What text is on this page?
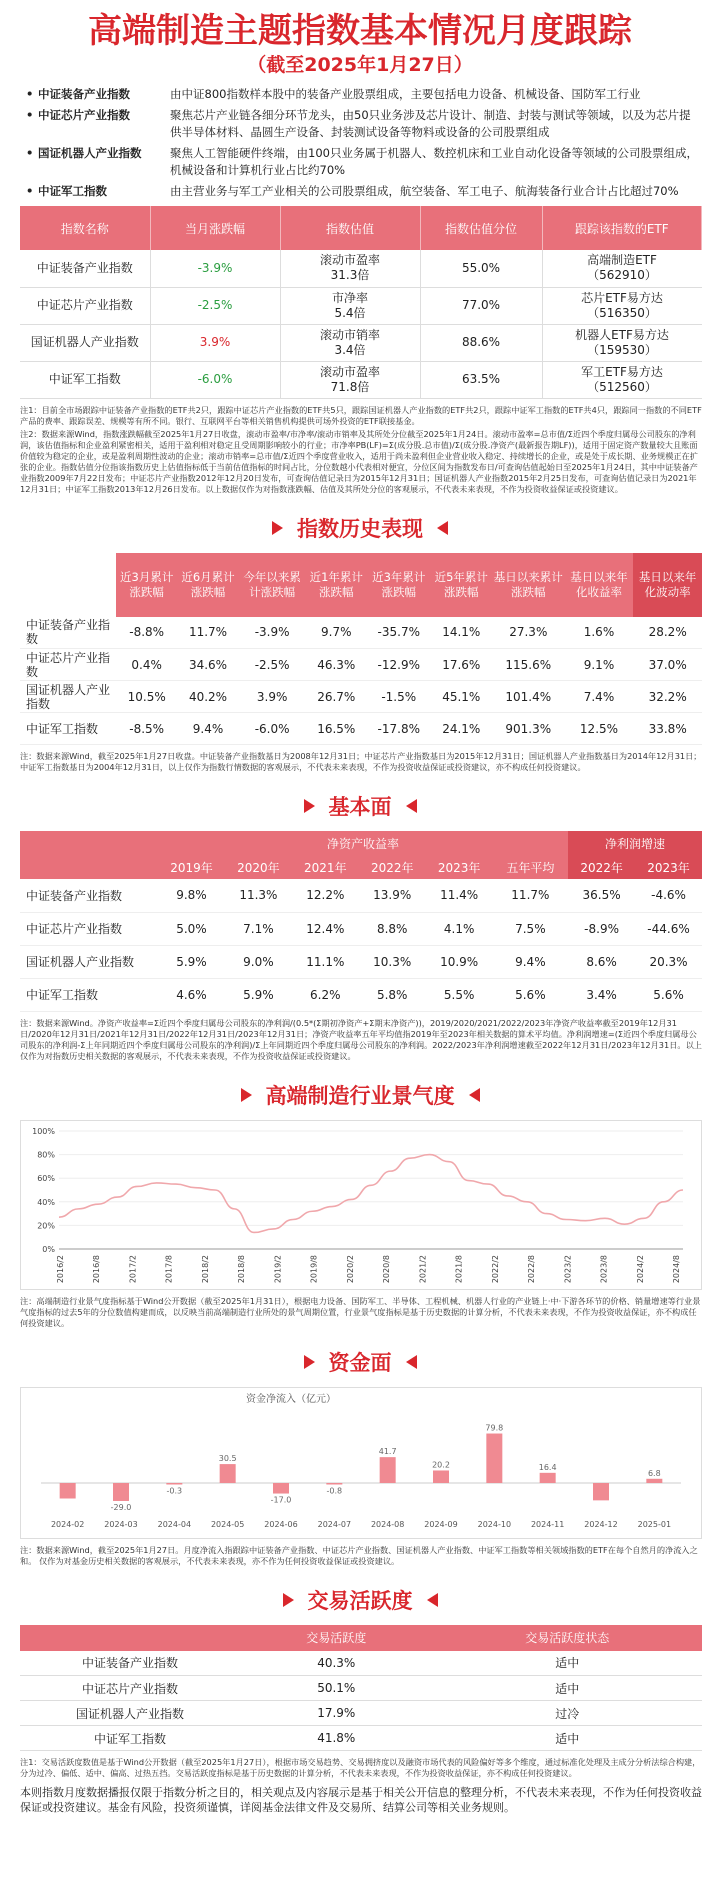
高端制造主题指数基本情况月度跟踪
（截至2025年1月27日）
• 中证装备产业指数	由中证800指数样本股中的装备产业股票组成，主要包括电力设备、机械设备、国防军工行业
• 中证芯片产业指数	聚焦芯片产业链各细分环节龙头，由50只业务涉及芯片设计、制造、封装与测试等领域，以及为芯片提供半导体材料、晶圆生产设备、封装测试设备等物料或设备的公司股票组成
• 国证机器人产业指数	聚焦人工智能硬件终端，由100只业务属于机器人、数控机床和工业自动化设备等领域的公司股票组成，机械设备和计算机行业占比约70%
• 中证军工指数	由主营业务与军工产业相关的公司股票组成，航空装备、军工电子、航海装备行业合计占比超过70%
指数名称	当月涨跌幅	指数估值	指数估值分位	跟踪该指数的ETF
中证装备产业指数	-3.9%	滚动市盈率
31.3倍	55.0%	高端制造ETF
（562910）
中证芯片产业指数	-2.5%	市净率
5.4倍	77.0%	芯片ETF易方达
（516350）
国证机器人产业指数	3.9%	滚动市销率
3.4倍	88.6%	机器人ETF易方达
（159530）
中证军工指数	-6.0%	滚动市盈率
71.8倍	63.5%	军工ETF易方达
（512560）
注1：目前全市场跟踪中证装备产业指数的ETF共2只，跟踪中证芯片产业指数的ETF共5只，跟踪国证机器人产业指数的ETF共2只，跟踪中证军工指数的ETF共4只，跟踪同一指数的不同ETF产品的费率、跟踪误差、规模等有所不同。银行、互联网平台等相关销售机构提供可场外投资的ETF联接基金。
注2：数据来源Wind，指数涨跌幅截至2025年1月27日收盘，滚动市盈率/市净率/滚动市销率及其所处分位截至2025年1月24日。滚动市盈率=总市值/Σ近四个季度归属母公司股东的净利润，该估值指标和企业盈利紧密相关，适用于盈利相对稳定且受周期影响较小的行业；市净率PB(LF)=Σ(成分股.总市值)/Σ(成分股.净资产(最新报告期LF))，适用于固定资产数量较大且账面价值较为稳定的企业，或是盈利周期性波动的企业；滚动市销率=总市值/Σ近四个季度营业收入，适用于尚未盈利但企业营业收入稳定、持续增长的企业，或是处于成长期、业务规模正在扩张的企业。指数估值分位指该指数历史上估值指标低于当前估值指标的时间占比，分位数越小代表相对便宜，分位区间为指数发布日/可查询估值起始日至2025年1月24日，其中中证装备产业指数2009年7月22日发布；中证芯片产业指数2012年12月20日发布，可查询估值记录日为2015年12月31日；国证机器人产业指数2015年2月25日发布，可查询估值记录日为2021年12月31日；中证军工指数2013年12月26日发布。以上数据仅作为对指数涨跌幅、估值及其所处分位的客观展示，不代表未来表现，不作为投资收益保证或投资建议。
指数历史表现
	近3月累计涨跌幅	近6月累计涨跌幅	今年以来累计涨跌幅	近1年累计涨跌幅	近3年累计涨跌幅	近5年累计涨跌幅	基日以来累计涨跌幅	基日以来年化收益率	基日以来年化波动率
中证装备产业指数	-8.8%	11.7%	-3.9%	9.7%	-35.7%	14.1%	27.3%	1.6%	28.2%
中证芯片产业指数	0.4%	34.6%	-2.5%	46.3%	-12.9%	17.6%	115.6%	9.1%	37.0%
国证机器人产业指数	10.5%	40.2%	3.9%	26.7%	-1.5%	45.1%	101.4%	7.4%	32.2%
中证军工指数	-8.5%	9.4%	-6.0%	16.5%	-17.8%	24.1%	901.3%	12.5%	33.8%
注：数据来源Wind，截至2025年1月27日收盘。中证装备产业指数基日为2008年12月31日；中证芯片产业指数基日为2015年12月31日；国证机器人产业指数基日为2014年12月31日；中证军工指数基日为2004年12月31日，以上仅作为指数行情数据的客观展示，不代表未来表现，不作为投资收益保证或投资建议，亦不构成任何投资建议。
基本面
	净资产收益率						净利润增速	
	2019年	2020年	2021年	2022年	2023年	五年平均	2022年	2023年
中证装备产业指数	9.8%	11.3%	12.2%	13.9%	11.4%	11.7%	36.5%	-4.6%
中证芯片产业指数	5.0%	7.1%	12.4%	8.8%	4.1%	7.5%	-8.9%	-44.6%
国证机器人产业指数	5.9%	9.0%	11.1%	10.3%	10.9%	9.4%	8.6%	20.3%
中证军工指数	4.6%	5.9%	6.2%	5.8%	5.5%	5.6%	3.4%	5.6%
注：数据来源Wind。净资产收益率=Σ近四个季度归属母公司股东的净利润/(0.5*(Σ期初净资产+Σ期末净资产))，2019/2020/2021/2022/2023年净资产收益率截至2019年12月31日/2020年12月31日/2021年12月31日/2022年12月31日/2023年12月31日；净资产收益率五年平均值指2019年至2023年相关数据的算术平均值。净利润增速=(Σ近四个季度归属母公司股东的净利润-Σ上年同期近四个季度归属母公司股东的净利润)/Σ上年同期近四个季度归属母公司股东的净利润。2022/2023年净利润增速截至2022年12月31日/2023年12月31日。以上仅作为对指数历史相关数据的客观展示，不代表未来表现，不作为投资收益保证或投资建议。
高端制造行业景气度
100%
80%
60%
40%
20%
0%
2016/2	2016/8	2017/2	2017/8	2018/2	2018/8	2019/2	2019/8	2020/2	2020/8	2021/2	2021/8	2022/2	2022/8	2023/2	2023/8	2024/2	2024/8
注：高端制造行业景气度指标基于Wind公开数据（截至2025年1月31日），根据电力设备、国防军工、半导体、工程机械、机器人行业的产业链上·中·下游各环节的价格、销量增速等行业景气度指标的过去5年的分位数值构建而成，以反映当前高端制造行业所处的景气周期位置，行业景气度指标是基于历史数据的计算分析，不代表未来表现，不作为投资收益保证，亦不构成任何投资建议。
资金面
资金净流入（亿元）
2024-02
-29.0
2024-03
-0.3
2024-04
30.5
2024-05
-17.0
2024-06
-0.8
2024-07
41.7
2024-08
20.2
2024-09
79.8
2024-10
16.4
2024-11 2024-12
6.8
2025-01
注：数据来源Wind，截至2025年1月27日。月度净流入指跟踪中证装备产业指数、中证芯片产业指数、国证机器人产业指数、中证军工指数等相关领域指数的ETF在每个自然月的净流入之和。 仅作为对基金历史相关数据的客观展示，不代表未来表现，亦不作为任何投资收益保证或投资建议。
交易活跃度
	交易活跃度	交易活跃度状态
中证装备产业指数	40.3%	适中
中证芯片产业指数	50.1%	适中
国证机器人产业指数	17.9%	过冷
中证军工指数	41.8%	适中
注1：交易活跃度数值是基于Wind公开数据（截至2025年1月27日），根据市场交易趋势、交易拥挤度以及融资市场代表的风险偏好等多个维度，通过标准化处理及主成分分析法综合构建，分为过冷、偏低、适中、偏高、过热五挡。交易活跃度指标是基于历史数据的计算分析，不代表未来表现，不作为投资收益保证，亦不构成任何投资建议。
本则指数月度数据播报仅限于指数分析之目的，相关观点及内容展示是基于相关公开信息的整理分析，不代表未来表现，不作为任何投资收益保证或投资建议。基金有风险，投资须谨慎，详阅基金法律文件及交易所、结算公司等相关业务规则。
